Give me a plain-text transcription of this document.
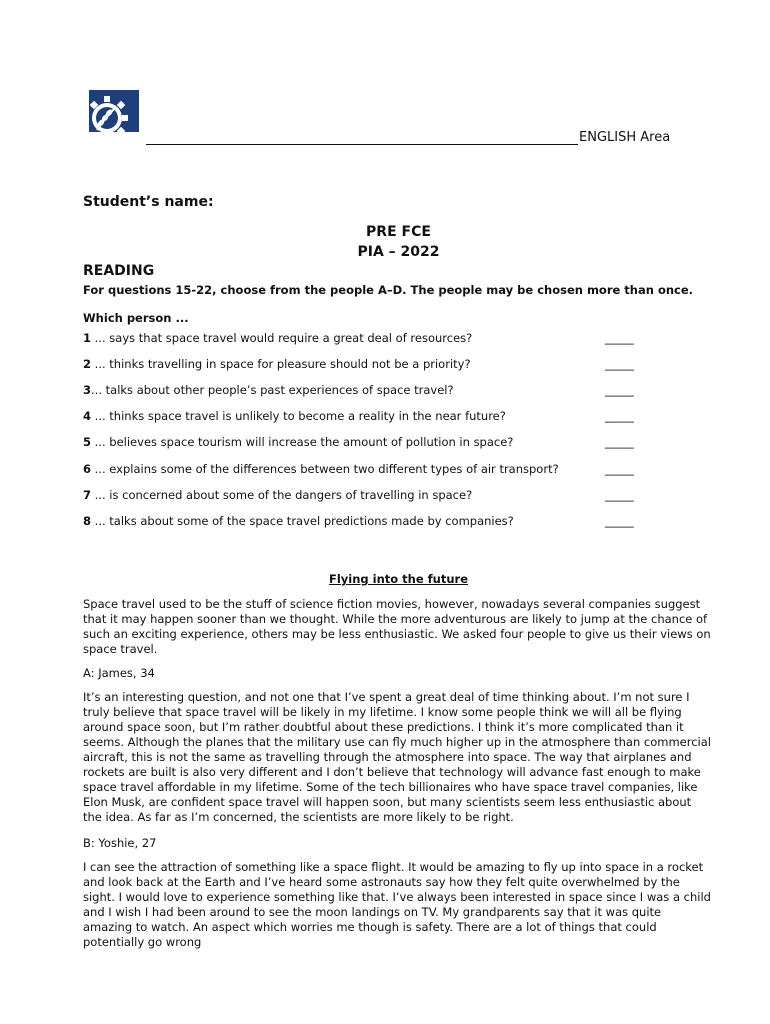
ENGLISH Area
Student’s name:
PRE FCE
PIA – 2022
READING
For questions 15-22, choose from the people A–D. The people may be chosen more than once.
Which person ...
1 ... says that space travel would require a great deal of resources?	_____
2 ... thinks travelling in space for pleasure should not be a priority?	_____
3... talks about other people’s past experiences of space travel?	_____
4 ... thinks space travel is unlikely to become a reality in the near future?	_____
5 ... believes space tourism will increase the amount of pollution in space?	_____
6 ... explains some of the differences between two different types of air transport?	_____
7 ... is concerned about some of the dangers of travelling in space?	_____
8 ... talks about some of the space travel predictions made by companies?	_____
Flying into the future
Space travel used to be the stuff of science fiction movies, however, nowadays several companies suggest that it may happen sooner than we thought. While the more adventurous are likely to jump at the chance of such an exciting experience, others may be less enthusiastic. We asked four people to give us their views on space travel.
A: James, 34
It’s an interesting question, and not one that I’ve spent a great deal of time thinking about. I’m not sure I truly believe that space travel will be likely in my lifetime. I know some people think we will all be flying around space soon, but I’m rather doubtful about these predictions. I think it’s more complicated than it seems. Although the planes that the military use can fly much higher up in the atmosphere than commercial aircraft, this is not the same as travelling through the atmosphere into space. The way that airplanes and rockets are built is also very different and I don’t believe that technology will advance fast enough to make space travel affordable in my lifetime. Some of the tech billionaires who have space travel companies, like Elon Musk, are confident space travel will happen soon, but many scientists seem less enthusiastic about the idea. As far as I’m concerned, the scientists are more likely to be right.
B: Yoshie, 27
I can see the attraction of something like a space flight. It would be amazing to fly up into space in a rocket and look back at the Earth and I’ve heard some astronauts say how they felt quite overwhelmed by the sight. I would love to experience something like that. I’ve always been interested in space since I was a child and I wish I had been around to see the moon landings on TV. My grandparents say that it was quite amazing to watch. An aspect which worries me though is safety. There are a lot of things that could potentially go wrong
